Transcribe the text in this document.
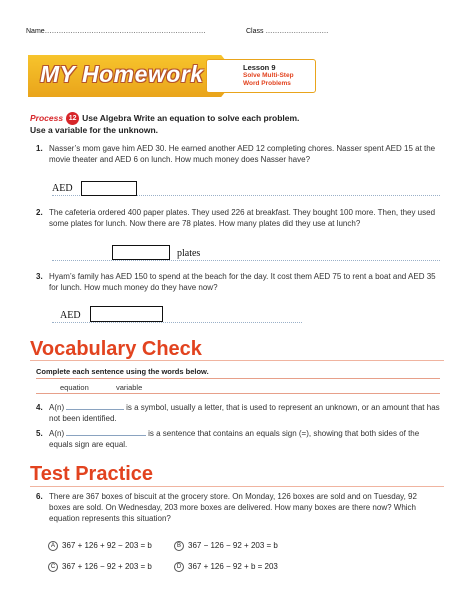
Name……………………………………………………………	Class ………………………
MY Homework	Lesson 9
Solve Multi-Step
Word Problems
Process 12 Use Algebra Write an equation to solve each problem.
Use a variable for the unknown.
1. Nasser’s mom gave him AED 30. He earned another AED 12 completing chores. Nasser spent AED 15 at the movie theater and AED 6 on lunch. How much money does Nasser have?
AED
2. The cafeteria ordered 400 paper plates. They used 226 at breakfast. They bought 100 more. Then, they used some plates for lunch. Now there are 78 plates. How many plates did they use at lunch?
plates
3. Hyam’s family has AED 150 to spend at the beach for the day. It cost them AED 75 to rent a boat and AED 35 for lunch. How much money do they have now?
AED
Vocabulary Check
Complete each sentence using the words below.
equation	variable
4. A(n)	is a symbol, usually a letter, that is used to represent an unknown, or an amount that has not been identified.
5. A(n)	is a sentence that contains an equals sign (=), showing that both sides of the equals sign are equal.
Test Practice
6. There are 367 boxes of biscuit at the grocery store. On Monday, 126 boxes are sold and on Tuesday, 92 boxes are sold. On Wednesday, 203 more boxes are delivered. How many boxes are there now? Which equation represents this situation?
A 367 + 126 + 92 − 203 = b	B 367 − 126 − 92 + 203 = b
C 367 + 126 − 92 + 203 = b	D 367 + 126 − 92 + b = 203
